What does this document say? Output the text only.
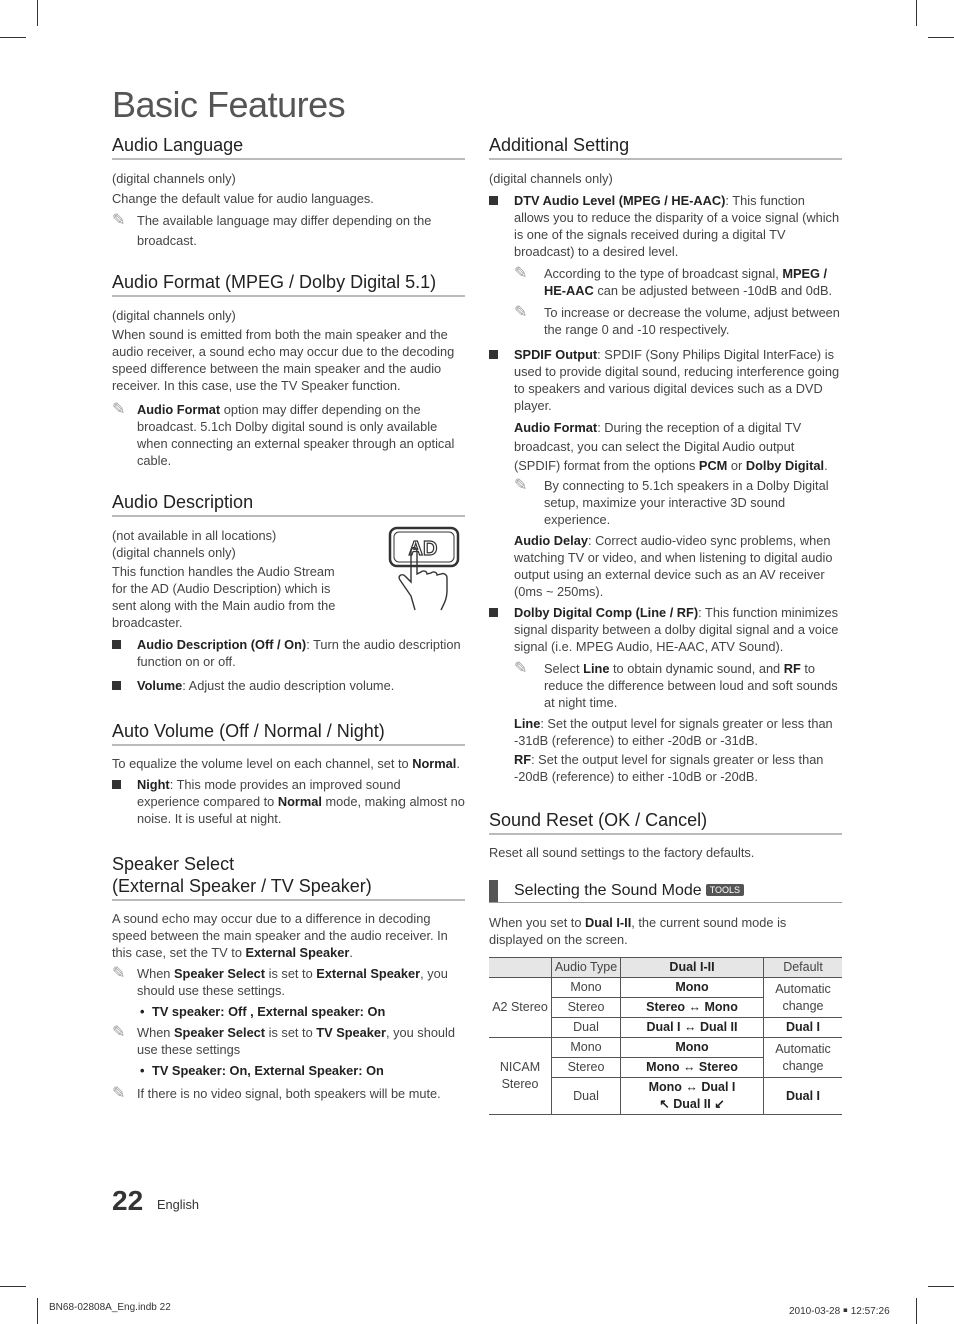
Basic Features
Audio Language

(digital channels only)

Change the default value for audio languages.

✎ The available language may differ depending on the broadcast.
Audio Format (MPEG / Dolby Digital 5.1)

(digital channels only)

When sound is emitted from both the main speaker and the audio receiver, a sound echo may occur due to the decoding speed difference between the main speaker and the audio receiver. In this case, use the TV Speaker function.

✎ Audio Format option may differ depending on the broadcast. 5.1ch Dolby digital sound is only available when connecting an external speaker through an optical cable.
Audio Description

(not available in all locations)

(digital channels only)

This function handles the Audio Stream for the AD (Audio Description) which is sent along with the Main audio from the broadcaster.

Audio Description (Off / On): Turn the audio description function on or off.
Volume: Adjust the audio description volume.
Auto Volume (Off / Normal / Night)

To equalize the volume level on each channel, set to Normal.

Night: This mode provides an improved sound experience compared to Normal mode, making almost no noise. It is useful at night.
Speaker Select
(External Speaker / TV Speaker)

A sound echo may occur due to a difference in decoding speed between the main speaker and the audio receiver. In this case, set the TV to External Speaker.

✎ When Speaker Select is set to External Speaker, you should use these settings.
• TV speaker: Off , External speaker: On
✎ When Speaker Select is set to TV Speaker, you should use these settings
• TV Speaker: On, External Speaker: On
✎ If there is no video signal, both speakers will be mute.
AD
Additional Setting

(digital channels only)

DTV Audio Level (MPEG / HE-AAC): This function allows you to reduce the disparity of a voice signal (which is one of the signals received during a digital TV broadcast) to a desired level.
✎ According to the type of broadcast signal, MPEG / HE-AAC can be adjusted between -10dB and 0dB.
✎ To increase or decrease the volume, adjust between the range 0 and -10 respectively.
SPDIF Output: SPDIF (Sony Philips Digital InterFace) is used to provide digital sound, reducing interference going to speakers and various digital devices such as a DVD player.

Audio Format: During the reception of a digital TV broadcast, you can select the Digital Audio output (SPDIF) format from the options PCM or Dolby Digital.

✎ By connecting to 5.1ch speakers in a Dolby Digital setup, maximize your interactive 3D sound experience.

Audio Delay: Correct audio-video sync problems, when watching TV or video, and when listening to digital audio output using an external device such as an AV receiver (0ms ~ 250ms).

Dolby Digital Comp (Line / RF): This function minimizes signal disparity between a dolby digital signal and a voice signal (i.e. MPEG Audio, HE-AAC, ATV Sound).
✎ Select Line to obtain dynamic sound, and RF to reduce the difference between loud and soft sounds at night time.

Line: Set the output level for signals greater or less than -31dB (reference) to either -20dB or -31dB.

RF: Set the output level for signals greater or less than -20dB (reference) to either -10dB or -20dB.

Sound Reset (OK / Cancel)

Reset all sound settings to the factory defaults.

Selecting the Sound Mode TOOLS

When you set to Dual I-II, the current sound mode is displayed on the screen.

	Audio Type	Dual I-II	Default
A2 Stereo	Mono	Mono	Automatic change
	Stereo	Stereo ↔ Mono	
	Dual	Dual I ↔ Dual II	Dual I
NICAM Stereo	Mono	Mono	Automatic change
	Stereo	Mono ↔ Stereo	
	Dual	Mono ↔ Dual I
↖ Dual II ↙	Dual I
22 English
BN68-02808A_Eng.indb 22	2010-03-28 ￭ 12:57:26
